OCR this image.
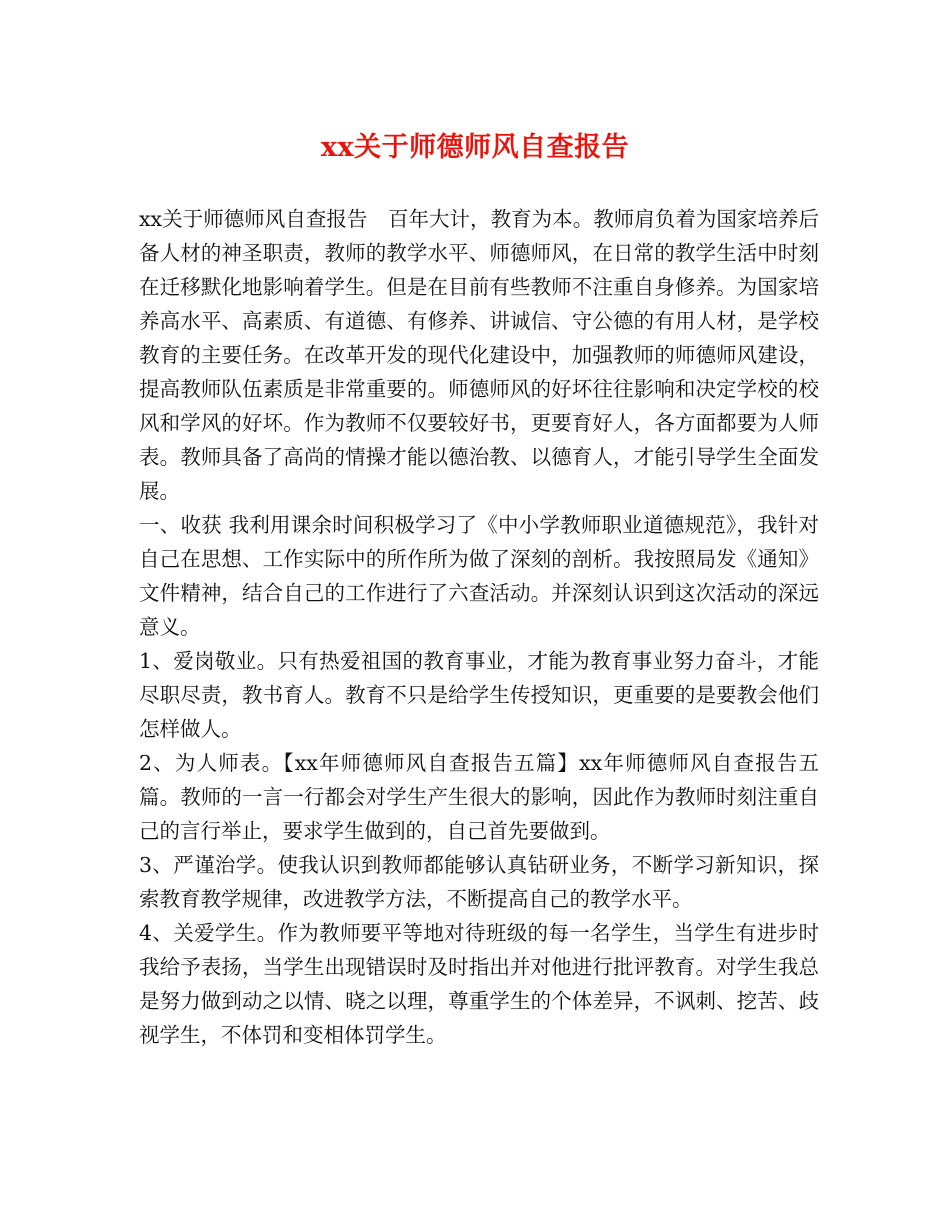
xx关于师德师风自查报告

xx关于师德师风自查报告　百年大计，教育为本。教师肩负着为国家培养后备人材的神圣职责，教师的教学水平、师德师风，在日常的教学生活中时刻在迁移默化地影响着学生。但是在目前有些教师不注重自身修养。为国家培养高水平、高素质、有道德、有修养、讲诚信、守公德的有用人材，是学校教育的主要任务。在改革开发的现代化建设中，加强教师的师德师风建设，提高教师队伍素质是非常重要的。师德师风的好坏往往影响和决定学校的校风和学风的好坏。作为教师不仅要较好书，更要育好人，各方面都要为人师表。教师具备了高尚的情操才能以德治教、以德育人，才能引导学生全面发展。

一、收获 我利用课余时间积极学习了《中小学教师职业道德规范》，我针对自己在思想、工作实际中的所作所为做了深刻的剖析。我按照局发《通知》文件精神，结合自己的工作进行了六查活动。并深刻认识到这次活动的深远意义。

1、爱岗敬业。只有热爱祖国的教育事业，才能为教育事业努力奋斗，才能尽职尽责，教书育人。教育不只是给学生传授知识，更重要的是要教会他们怎样做人。

2、为人师表。【xx年师德师风自查报告五篇】xx年师德师风自查报告五篇。教师的一言一行都会对学生产生很大的影响，因此作为教师时刻注重自己的言行举止，要求学生做到的，自己首先要做到。

3、严谨治学。使我认识到教师都能够认真钻研业务，不断学习新知识，探索教育教学规律，改进教学方法，不断提高自己的教学水平。

4、关爱学生。作为教师要平等地对待班级的每一名学生，当学生有进步时我给予表扬，当学生出现错误时及时指出并对他进行批评教育。对学生我总是努力做到动之以情、晓之以理，尊重学生的个体差异，不讽刺、挖苦、歧视学生，不体罚和变相体罚学生。
